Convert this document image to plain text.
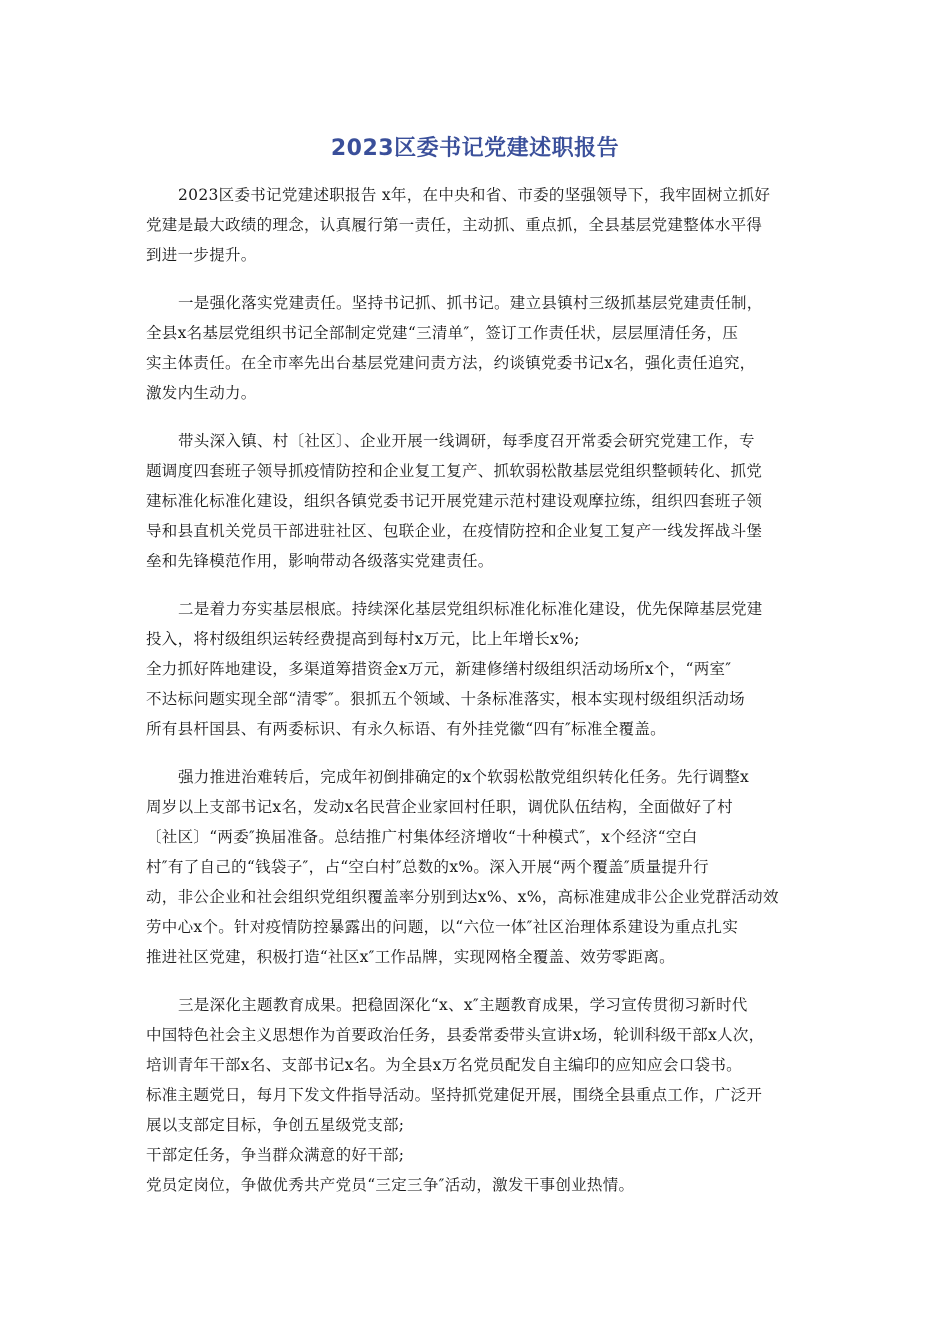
2023区委书记党建述职报告
2023区委书记党建述职报告 x年，在中央和省、市委的坚强领导下，我牢固树立抓好
党建是最大政绩的理念，认真履行第一责任，主动抓、重点抓，全县基层党建整体水平得
到进一步提升。
一是强化落实党建责任。坚持书记抓、抓书记。建立县镇村三级抓基层党建责任制，
全县x名基层党组织书记全部制定党建“三清单″，签订工作责任状，层层厘清任务，压
实主体责任。在全市率先出台基层党建问责方法，约谈镇党委书记x名，强化责任追究，
激发内生动力。
带头深入镇、村〔社区〕、企业开展一线调研，每季度召开常委会研究党建工作，专
题调度四套班子领导抓疫情防控和企业复工复产、抓软弱松散基层党组织整顿转化、抓党
建标准化标准化建设，组织各镇党委书记开展党建示范村建设观摩拉练，组织四套班子领
导和县直机关党员干部进驻社区、包联企业，在疫情防控和企业复工复产一线发挥战斗堡
垒和先锋模范作用，影响带动各级落实党建责任。
二是着力夯实基层根底。持续深化基层党组织标准化标准化建设，优先保障基层党建
投入，将村级组织运转经费提高到每村x万元，比上年增长x%;
全力抓好阵地建设，多渠道筹措资金x万元，新建修缮村级组织活动场所x个，“两室″
不达标问题实现全部“清零″。狠抓五个领域、十条标准落实，根本实现村级组织活动场
所有县杆国县、有两委标识、有永久标语、有外挂党徽“四有″标准全覆盖。
强力推进治难转后，完成年初倒排确定的x个软弱松散党组织转化任务。先行调整x
周岁以上支部书记x名，发动x名民营企业家回村任职，调优队伍结构，全面做好了村
〔社区〕“两委″换届准备。总结推广村集体经济增收“十种模式″，x个经济“空白
村″有了自己的“钱袋子″，占“空白村″总数的x%。深入开展“两个覆盖″质量提升行
动，非公企业和社会组织党组织覆盖率分别到达x%、x%，高标准建成非公企业党群活动效
劳中心x个。针对疫情防控暴露出的问题，以“六位一体″社区治理体系建设为重点扎实
推进社区党建，积极打造“社区x″工作品牌，实现网格全覆盖、效劳零距离。
三是深化主题教育成果。把稳固深化“x、x″主题教育成果，学习宣传贯彻习新时代
中国特色社会主义思想作为首要政治任务，县委常委带头宣讲x场，轮训科级干部x人次，
培训青年干部x名、支部书记x名。为全县x万名党员配发自主编印的应知应会口袋书。
标准主题党日，每月下发文件指导活动。坚持抓党建促开展，围绕全县重点工作，广泛开
展以支部定目标，争创五星级党支部;
干部定任务，争当群众满意的好干部;
党员定岗位，争做优秀共产党员“三定三争″活动，激发干事创业热情。
